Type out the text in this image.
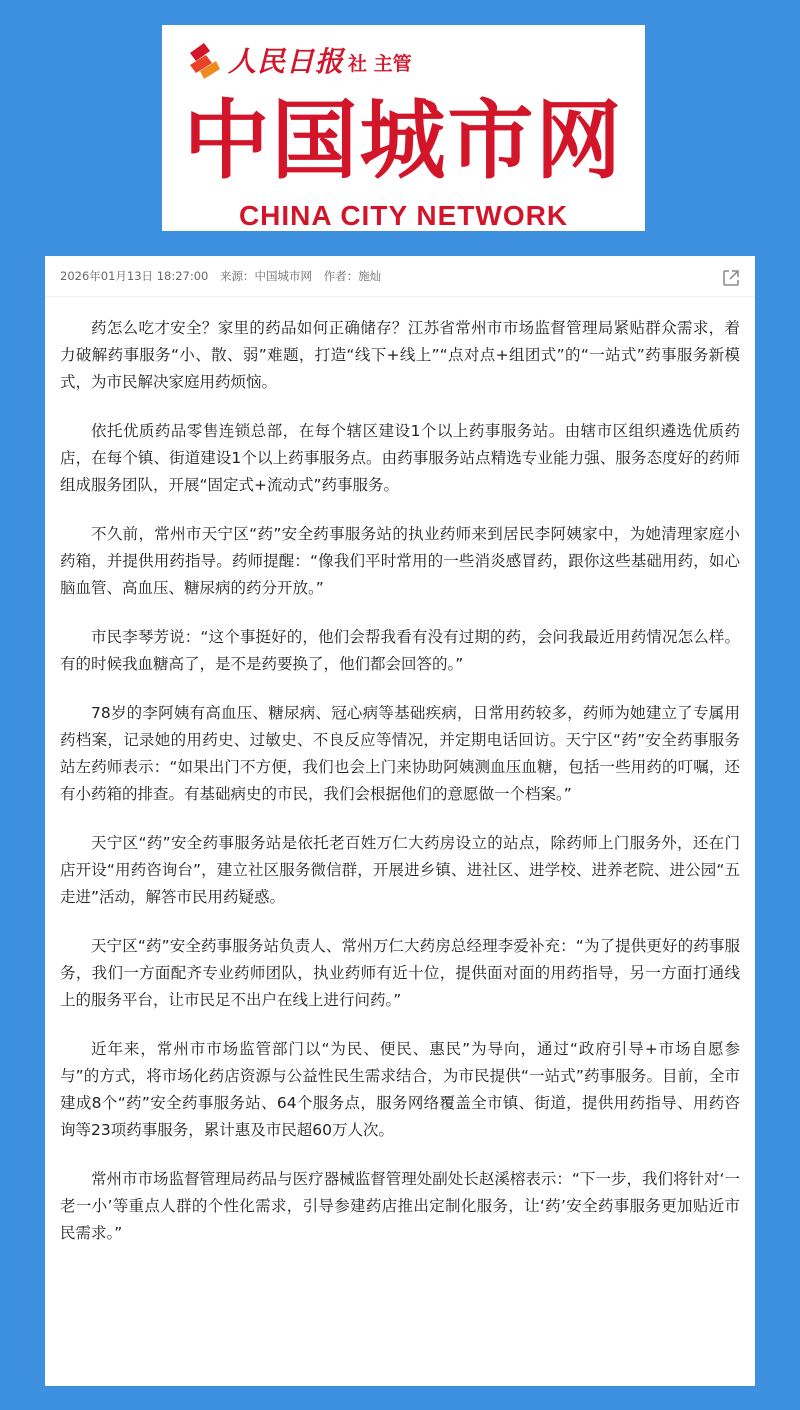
人民日报 社 主管
中国城市网
CHINA CITY NETWORK
2026年01月13日 18:27:00 来源：中国城市网 作者：施灿

药怎么吃才安全？家里的药品如何正确储存？江苏省常州市市场监督管理局紧贴群众需求，着力破解药事服务“小、散、弱”难题，打造“线下+线上”“点对点+组团式”的“一站式”药事服务新模式，为市民解决家庭用药烦恼。

依托优质药品零售连锁总部，在每个辖区建设1个以上药事服务站。由辖市区组织遴选优质药店，在每个镇、街道建设1个以上药事服务点。由药事服务站点精选专业能力强、服务态度好的药师组成服务团队，开展“固定式+流动式”药事服务。

不久前，常州市天宁区“药”安全药事服务站的执业药师来到居民李阿姨家中，为她清理家庭小药箱，并提供用药指导。药师提醒：“像我们平时常用的一些消炎感冒药，跟你这些基础用药，如心脑血管、高血压、糖尿病的药分开放。”

市民李琴芳说：“这个事挺好的，他们会帮我看有没有过期的药，会问我最近用药情况怎么样。有的时候我血糖高了，是不是药要换了，他们都会回答的。”

78岁的李阿姨有高血压、糖尿病、冠心病等基础疾病，日常用药较多，药师为她建立了专属用药档案，记录她的用药史、过敏史、不良反应等情况，并定期电话回访。天宁区“药”安全药事服务站左药师表示：“如果出门不方便，我们也会上门来协助阿姨测血压血糖，包括一些用药的叮嘱，还有小药箱的排查。有基础病史的市民，我们会根据他们的意愿做一个档案。”

天宁区“药”安全药事服务站是依托老百姓万仁大药房设立的站点，除药师上门服务外，还在门店开设“用药咨询台”，建立社区服务微信群，开展进乡镇、进社区、进学校、进养老院、进公园“五走进”活动，解答市民用药疑惑。

天宁区“药”安全药事服务站负责人、常州万仁大药房总经理李爱补充：“为了提供更好的药事服务，我们一方面配齐专业药师团队，执业药师有近十位，提供面对面的用药指导，另一方面打通线上的服务平台，让市民足不出户在线上进行问药。”

近年来，常州市市场监管部门以“为民、便民、惠民”为导向，通过“政府引导+市场自愿参与”的方式，将市场化药店资源与公益性民生需求结合，为市民提供“一站式”药事服务。目前，全市建成8个“药”安全药事服务站、64个服务点，服务网络覆盖全市镇、街道，提供用药指导、用药咨询等23项药事服务，累计惠及市民超60万人次。

常州市市场监督管理局药品与医疗器械监督管理处副处长赵溪榕表示：“下一步，我们将针对‘一老一小’等重点人群的个性化需求，引导参建药店推出定制化服务，让‘药’安全药事服务更加贴近市民需求。”
